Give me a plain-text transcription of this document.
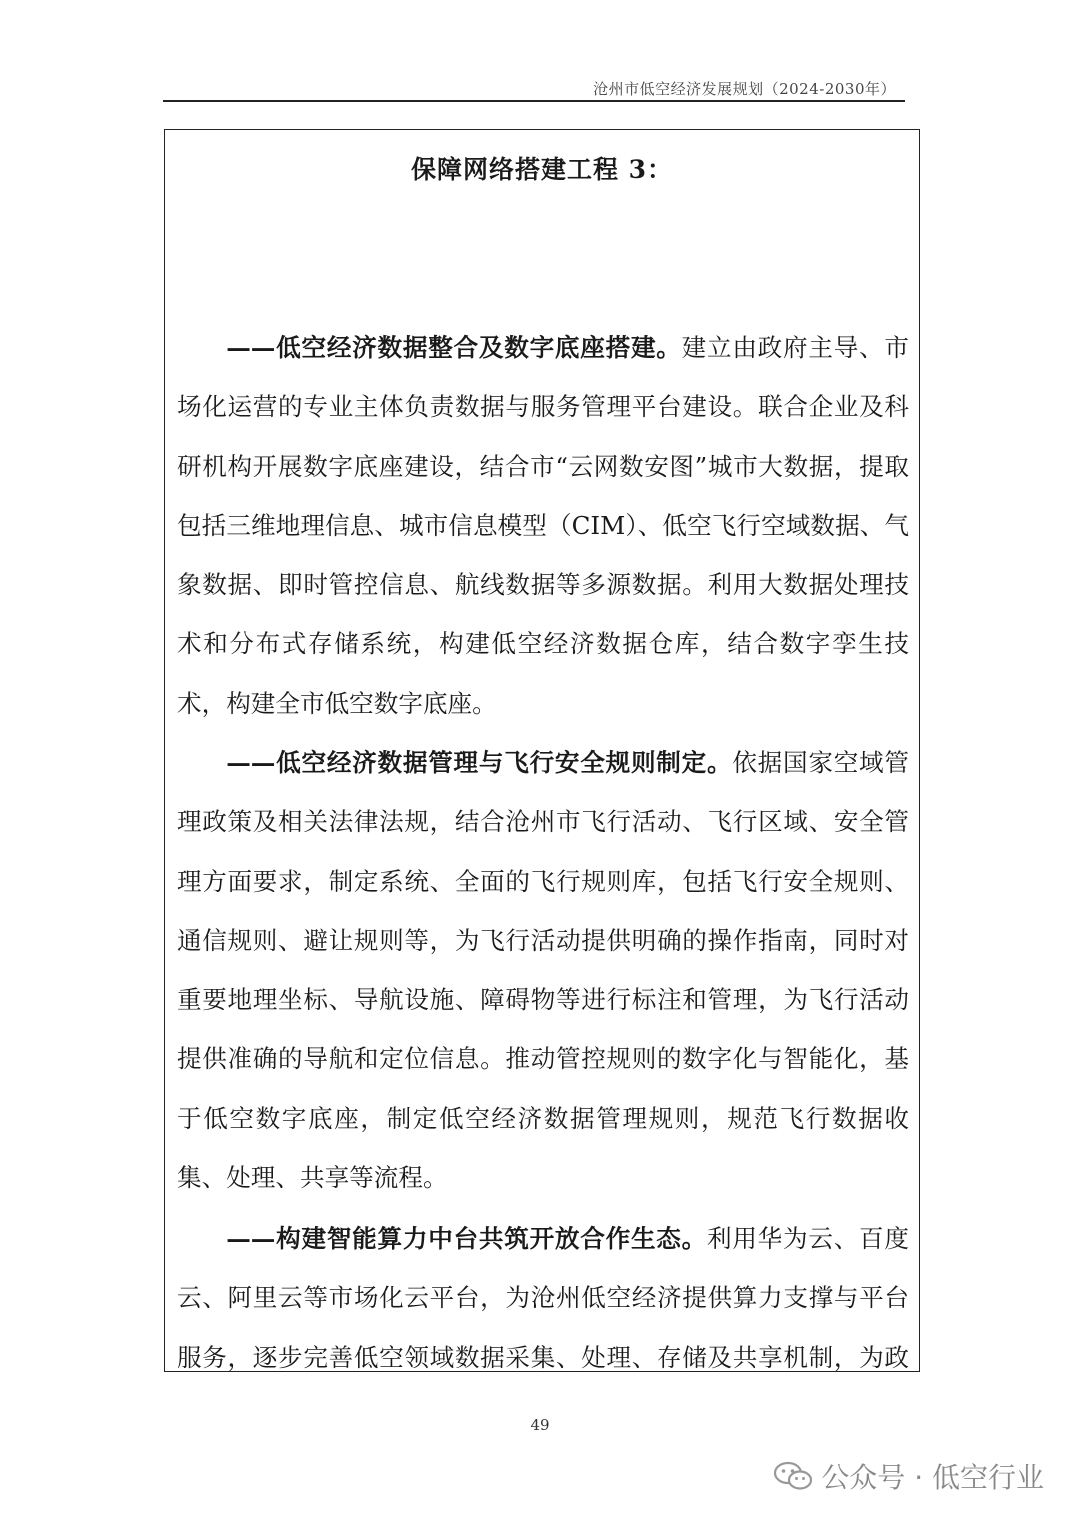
沧州市低空经济发展规划（2024-2030年）
保障网络搭建工程 3：
——低空经济数据整合及数字底座搭建。建立由政府主导、市场化运营的专业主体负责数据与服务管理平台建设。联合企业及科研机构开展数字底座建设，结合市“云网数安图”城市大数据，提取包括三维地理信息、城市信息模型（CIM）、低空飞行空域数据、气象数据、即时管控信息、航线数据等多源数据。利用大数据处理技术和分布式存储系统，构建低空经济数据仓库，结合数字孪生技术，构建全市低空数字底座。
——低空经济数据管理与飞行安全规则制定。依据国家空域管理政策及相关法律法规，结合沧州市飞行活动、飞行区域、安全管理方面要求，制定系统、全面的飞行规则库，包括飞行安全规则、通信规则、避让规则等，为飞行活动提供明确的操作指南，同时对重要地理坐标、导航设施、障碍物等进行标注和管理，为飞行活动提供准确的导航和定位信息。推动管控规则的数字化与智能化，基于低空数字底座，制定低空经济数据管理规则，规范飞行数据收集、处理、共享等流程。
——构建智能算力中台共筑开放合作生态。利用华为云、百度云、阿里云等市场化云平台，为沧州低空经济提供算力支撑与平台服务，逐步完善低空领域数据采集、处理、存储及共享机制，为政
49
公众号 · 低空行业
